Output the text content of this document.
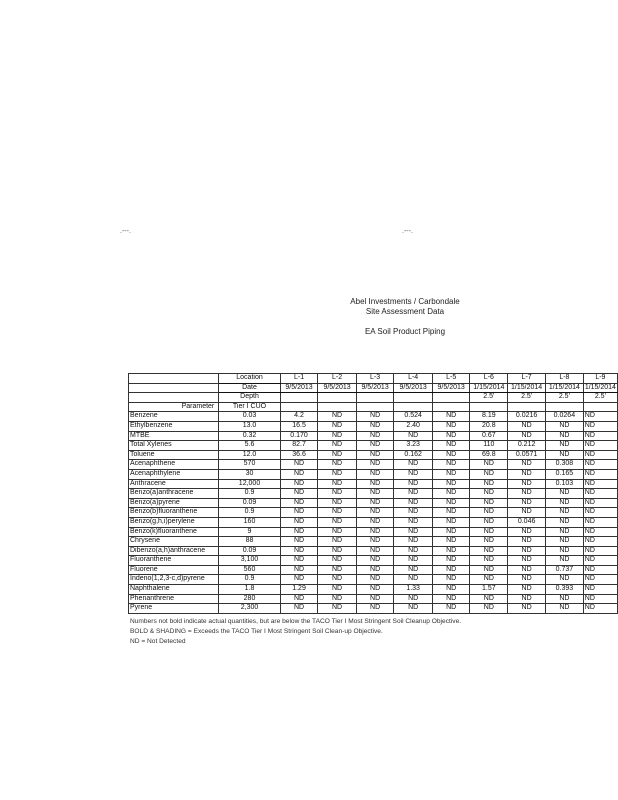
.-‐-.	.-‐-.
Abel Investments / Carbondale
Site Assessment Data
EA Soil Product Piping
	Location	L-1	L-2	L-3	L-4	L-5	L-6	L-7	L-8	L-9
	Date	9/5/2013	9/5/2013	9/5/2013	9/5/2013	9/5/2013	1/15/2014	1/15/2014	1/15/2014	1/15/2014
	Depth						2.5'	2.5'	2.5'	2.5'
Parameter	Tier I CUO									
Benzene	0.03	4.2	ND	ND	0.524	ND	8.19	0.0216	0.0264	ND
Ethylbenzene	13.0	16.5	ND	ND	2.40	ND	20.8	ND	ND	ND
MTBE	0.32	0.170	ND	ND	ND	ND	0.67	ND	ND	ND
Total Xylenes	5.6	82.7	ND	ND	3.23	ND	110	0.212	ND	ND
Toluene	12.0	36.6	ND	ND	0.162	ND	69.8	0.0571	ND	ND
Acenaphthene	570	ND	ND	ND	ND	ND	ND	ND	0.308	ND
Acenaphthylene	30	ND	ND	ND	ND	ND	ND	ND	0.165	ND
Anthracene	12,000	ND	ND	ND	ND	ND	ND	ND	0.103	ND
Benzo(a)anthracene	0.9	ND	ND	ND	ND	ND	ND	ND	ND	ND
Benzo(a)pyrene	0.09	ND	ND	ND	ND	ND	ND	ND	ND	ND
Benzo(b)fluoranthene	0.9	ND	ND	ND	ND	ND	ND	ND	ND	ND
Benzo(g,h,i)perylene	160	ND	ND	ND	ND	ND	ND	0.046	ND	ND
Benzo(k)fluoranthene	9	ND	ND	ND	ND	ND	ND	ND	ND	ND
Chrysene	88	ND	ND	ND	ND	ND	ND	ND	ND	ND
Dibenzo(a,h)anthracene	0.09	ND	ND	ND	ND	ND	ND	ND	ND	ND
Fluoranthene	3,100	ND	ND	ND	ND	ND	ND	ND	ND	ND
Fluorene	560	ND	ND	ND	ND	ND	ND	ND	0.737	ND
Indeno(1,2,3-c,d)pyrene	0.9	ND	ND	ND	ND	ND	ND	ND	ND	ND
Naphthalene	1.8	1.29	ND	ND	1.33	ND	1.57	ND	0.393	ND
Phenanthrene	280	ND	ND	ND	ND	ND	ND	ND	ND	ND
Pyrene	2,300	ND	ND	ND	ND	ND	ND	ND	ND	ND
Numbers not bold indicate actual quantities, but are below the TACO Tier I Most Stringent Soil Cleanup Objective.
BOLD & SHADING = Exceeds the TACO Tier I Most Stringent Soil Clean-up Objective.
ND = Not Detected
